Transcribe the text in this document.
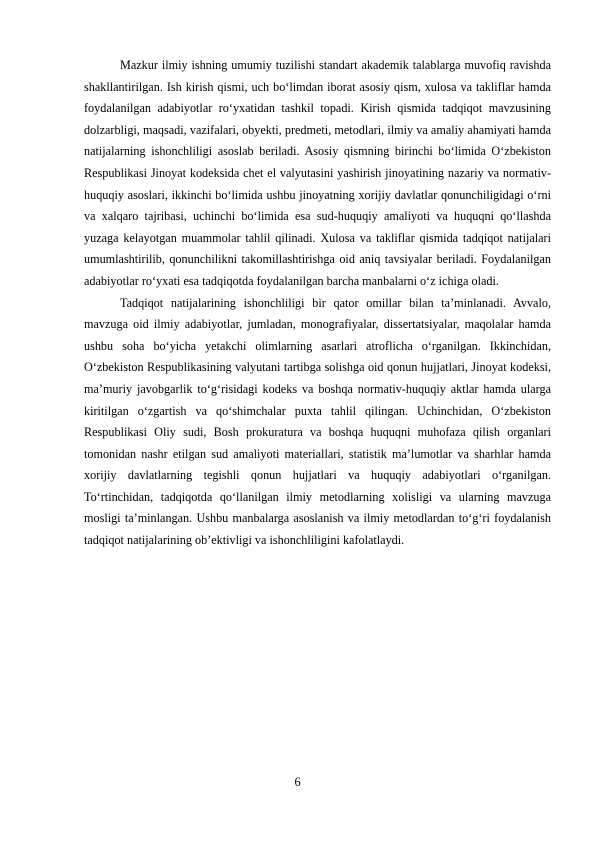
Mazkur ilmiy ishning umumiy tuzilishi standart akademik talablarga muvofiq ravishda shakllantirilgan. Ish kirish qismi, uch bo‘limdan iborat asosiy qism, xulosa va takliflar hamda foydalanilgan adabiyotlar ro‘yxatidan tashkil topadi. Kirish qismida tadqiqot mavzusining dolzarbligi, maqsadi, vazifalari, obyekti, predmeti, metodlari, ilmiy va amaliy ahamiyati hamda natijalarning ishonchliligi asoslab beriladi. Asosiy qismning birinchi bo‘limida O‘zbekiston Respublikasi Jinoyat kodeksida chet el valyutasini yashirish jinoyatining nazariy va normativ-huquqiy asoslari, ikkinchi bo‘limida ushbu jinoyatning xorijiy davlatlar qonunchiligidagi o‘rni va xalqaro tajribasi, uchinchi bo‘limida esa sud-huquqiy amaliyoti va huquqni qo‘llashda yuzaga kelayotgan muammolar tahlil qilinadi. Xulosa va takliflar qismida tadqiqot natijalari umumlashtirilib, qonunchilikni takomillashtirishga oid aniq tavsiyalar beriladi. Foydalanilgan adabiyotlar ro‘yxati esa tadqiqotda foydalanilgan barcha manbalarni o‘z ichiga oladi.

Tadqiqot natijalarining ishonchliligi bir qator omillar bilan ta’minlanadi. Avvalo, mavzuga oid ilmiy adabiyotlar, jumladan, monografiyalar, dissertatsiyalar, maqolalar hamda ushbu soha bo‘yicha yetakchi olimlarning asarlari atroflicha o‘rganilgan. Ikkinchidan, O‘zbekiston Respublikasining valyutani tartibga solishga oid qonun hujjatlari, Jinoyat kodeksi, ma’muriy javobgarlik to‘g‘risidagi kodeks va boshqa normativ-huquqiy aktlar hamda ularga kiritilgan o‘zgartish va qo‘shimchalar puxta tahlil qilingan. Uchinchidan, O‘zbekiston Respublikasi Oliy sudi, Bosh prokuratura va boshqa huquqni muhofaza qilish organlari tomonidan nashr etilgan sud amaliyoti materiallari, statistik ma’lumotlar va sharhlar hamda xorijiy davlatlarning tegishli qonun hujjatlari va huquqiy adabiyotlari o‘rganilgan. To‘rtinchidan, tadqiqotda qo‘llanilgan ilmiy metodlarning xolisligi va ularning mavzuga mosligi ta’minlangan. Ushbu manbalarga asoslanish va ilmiy metodlardan to‘g‘ri foydalanish tadqiqot natijalarining ob’ektivligi va ishonchliligini kafolatlaydi.

6
